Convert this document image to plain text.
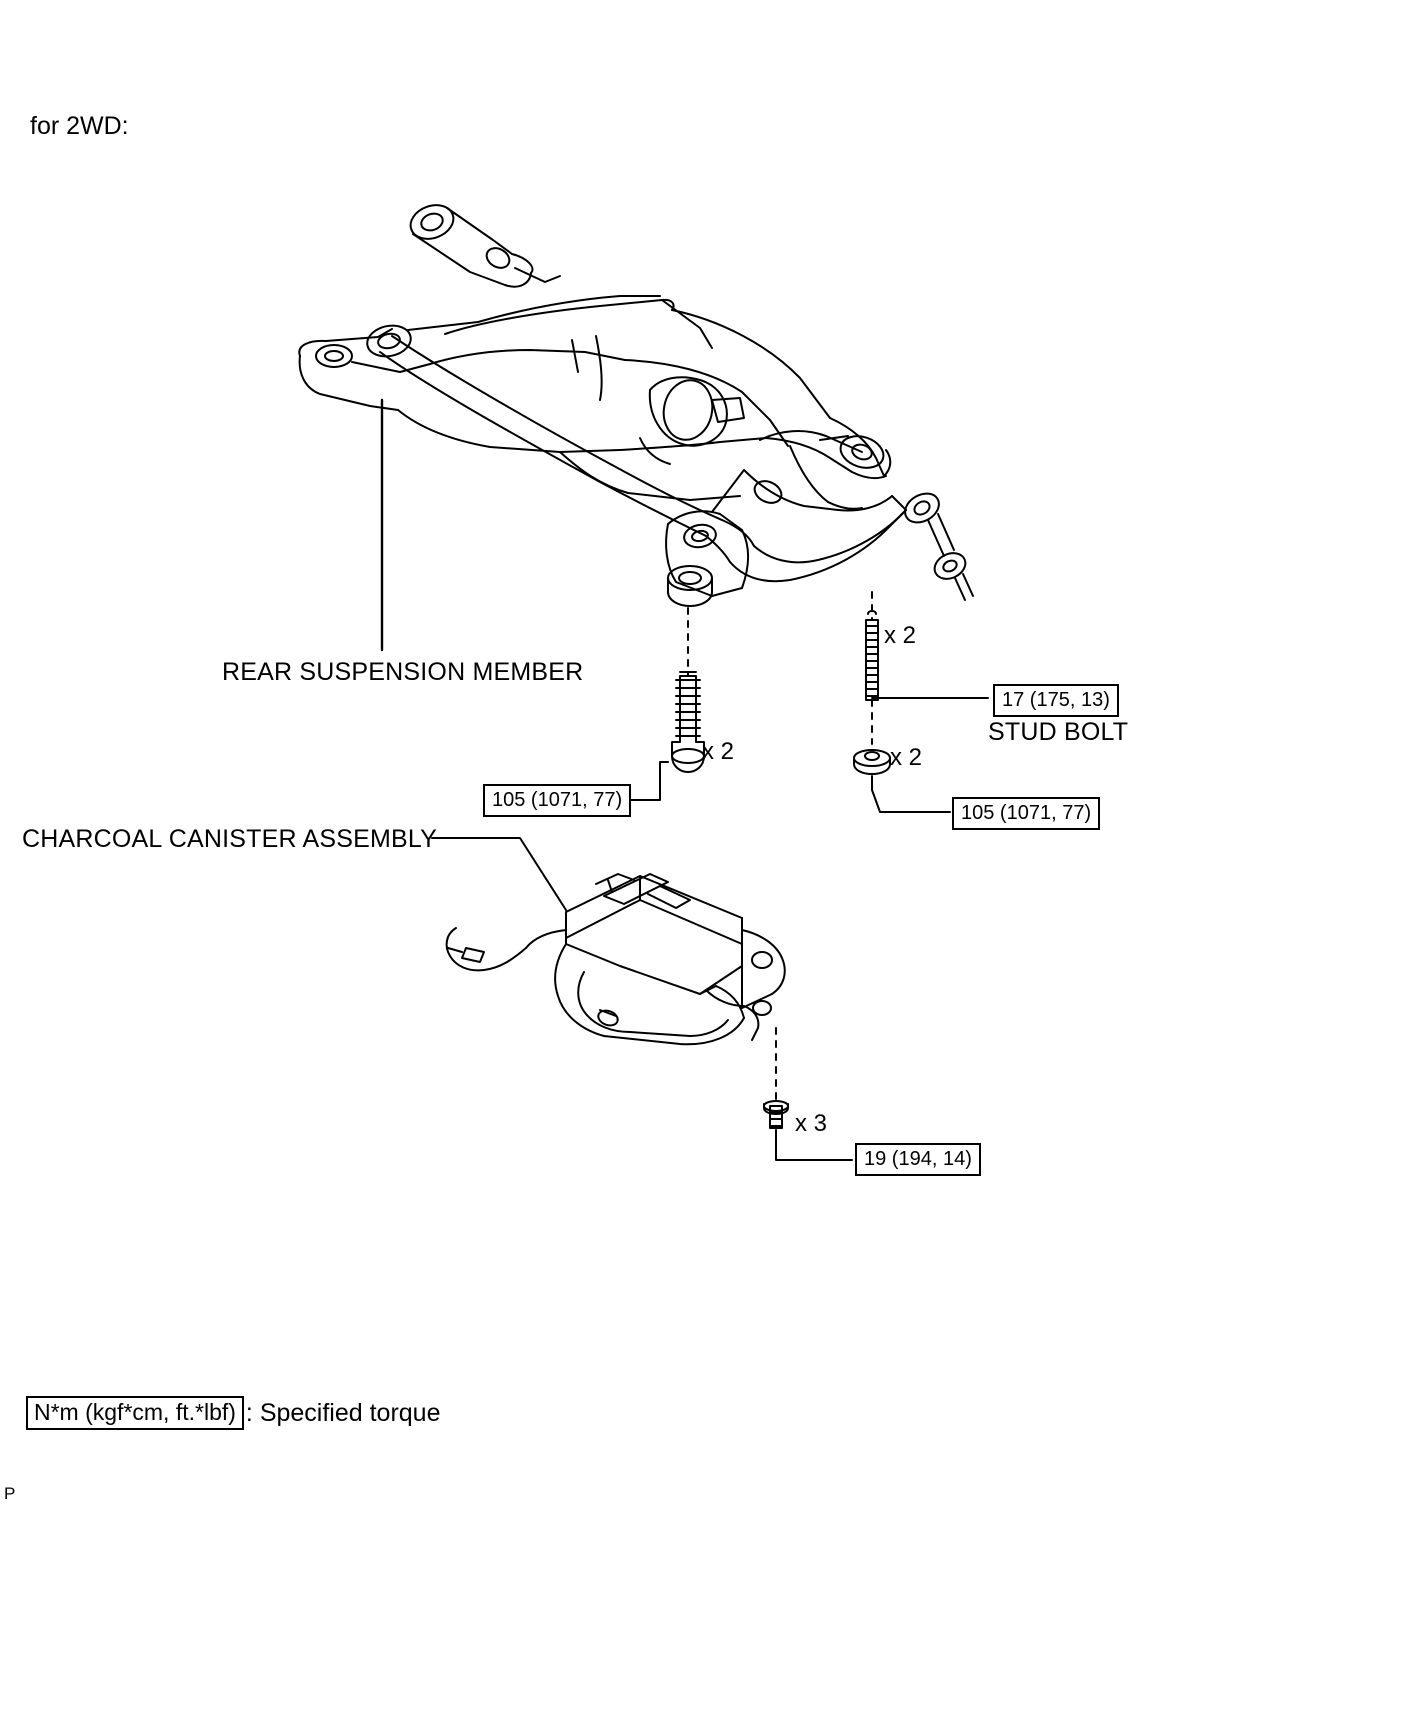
for 2WD:
REAR SUSPENSION MEMBER
CHARCOAL CANISTER ASSEMBLY
STUD BOLT
105 (1071, 77)
105 (1071, 77)
17 (175, 13)
19 (194, 14)
x 2
x 2
x 2
x 3
N*m (kgf*cm, ft.*lbf) : Specified torque
P
